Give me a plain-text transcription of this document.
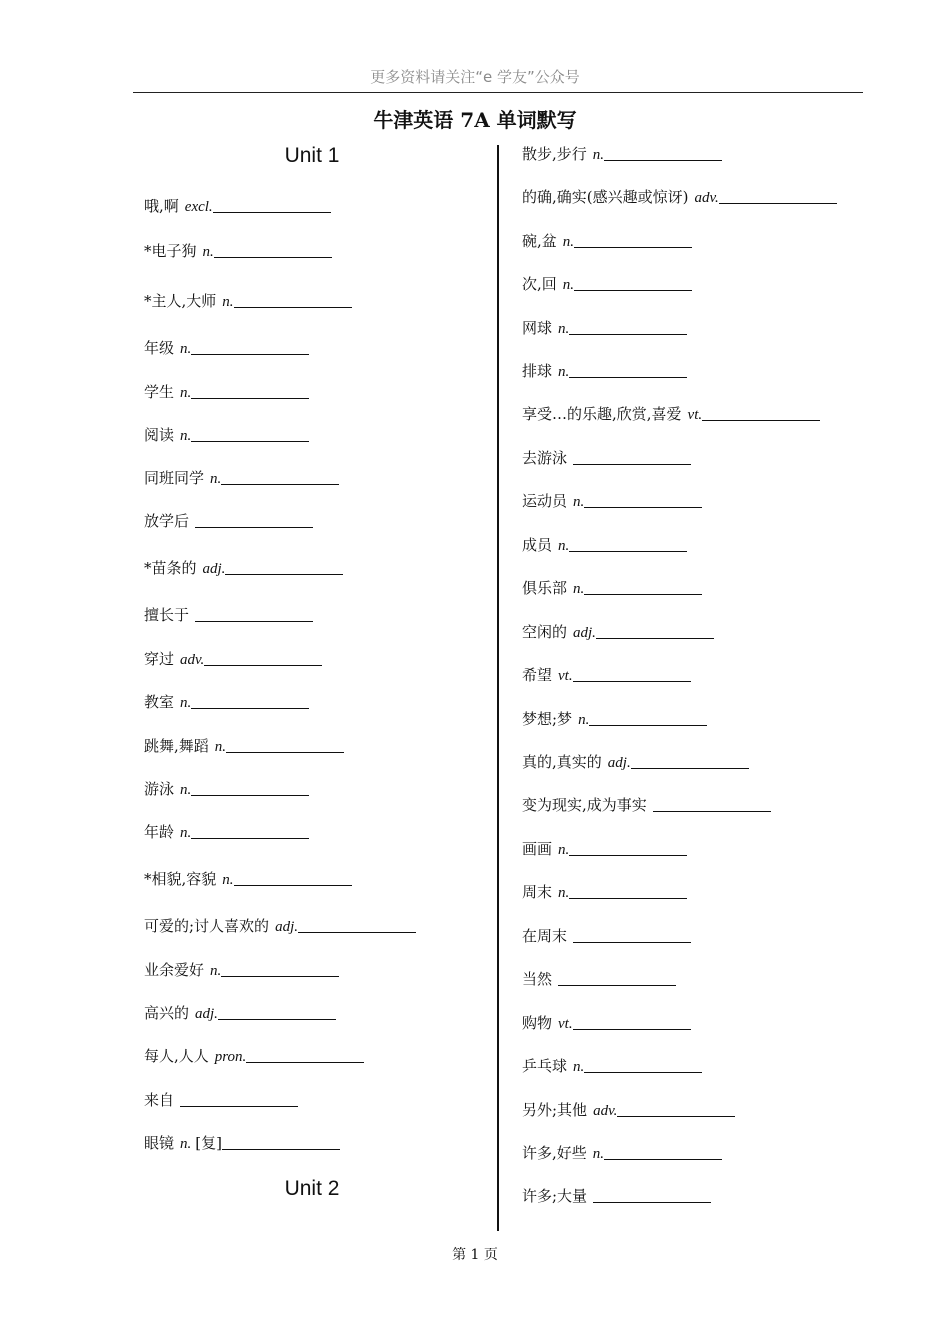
更多资料请关注“e 学友”公众号
牛津英语 7A 单词默写
Unit 1
Unit 2
哦,啊 excl.
*电子狗 n.
*主人,大师 n.
年级 n.
学生 n.
阅读 n.
同班同学 n.
放学后
*苗条的 adj.
擅长于
穿过 adv.
教室 n.
跳舞,舞蹈 n.
游泳 n.
年龄 n.
*相貌,容貌 n.
可爱的;讨人喜欢的 adj.
业余爱好 n.
高兴的 adj.
每人,人人 pron.
来自
眼镜 n. [复]
散步,步行 n.
的确,确实(感兴趣或惊讶) adv.
碗,盆 n.
次,回 n.
网球 n.
排球 n.
享受…的乐趣,欣赏,喜爱 vt.
去游泳
运动员 n.
成员 n.
俱乐部 n.
空闲的 adj.
希望 vt.
梦想;梦 n.
真的,真实的 adj.
变为现实,成为事实
画画 n.
周末 n.
在周末
当然
购物 vt.
乒乓球 n.
另外;其他 adv.
许多,好些 n.
许多;大量
第 1 页
